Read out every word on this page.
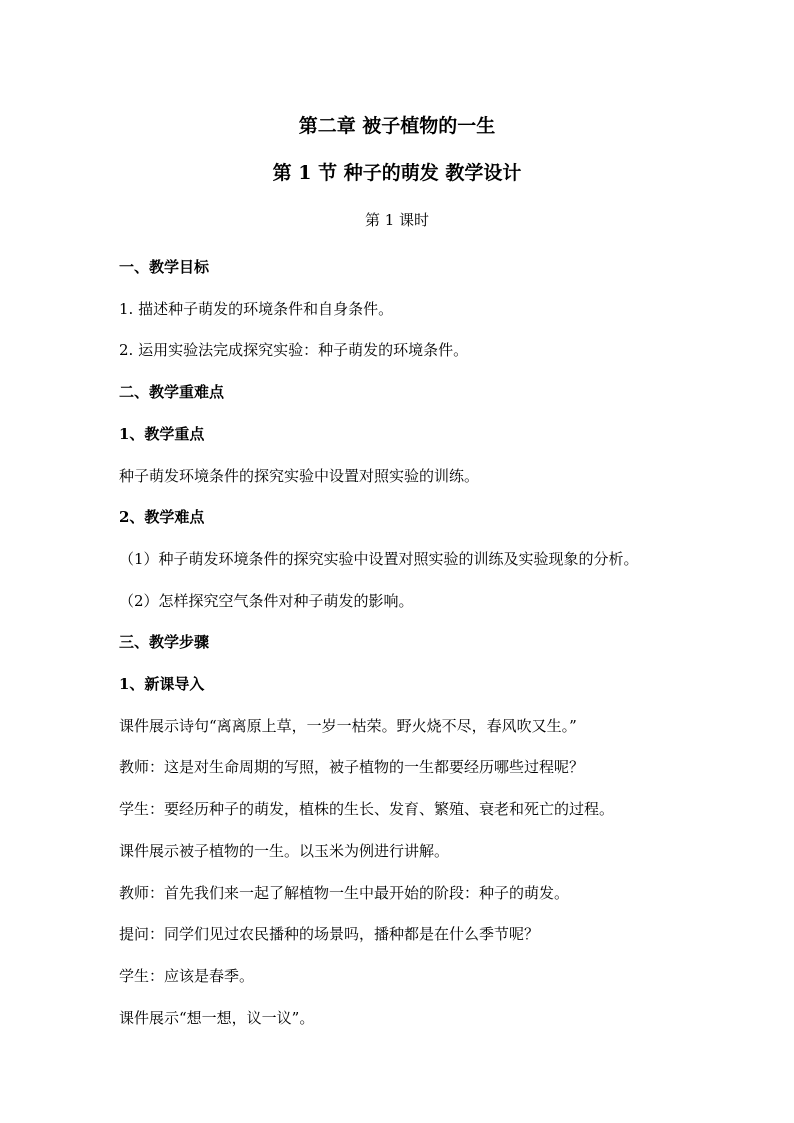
第二章 被子植物的一生
第 1 节 种子的萌发 教学设计
第 1 课时
一、教学目标
1. 描述种子萌发的环境条件和自身条件。
2. 运用实验法完成探究实验：种子萌发的环境条件。
二、教学重难点
1、教学重点
种子萌发环境条件的探究实验中设置对照实验的训练。
2、教学难点
（1）种子萌发环境条件的探究实验中设置对照实验的训练及实验现象的分析。
（2）怎样探究空气条件对种子萌发的影响。
三、教学步骤
1、新课导入
课件展示诗句“离离原上草，一岁一枯荣。野火烧不尽，春风吹又生。”
教师：这是对生命周期的写照，被子植物的一生都要经历哪些过程呢？
学生：要经历种子的萌发，植株的生长、发育、繁殖、衰老和死亡的过程。
课件展示被子植物的一生。以玉米为例进行讲解。
教师：首先我们来一起了解植物一生中最开始的阶段：种子的萌发。
提问：同学们见过农民播种的场景吗，播种都是在什么季节呢？
学生：应该是春季。
课件展示“想一想，议一议”。
